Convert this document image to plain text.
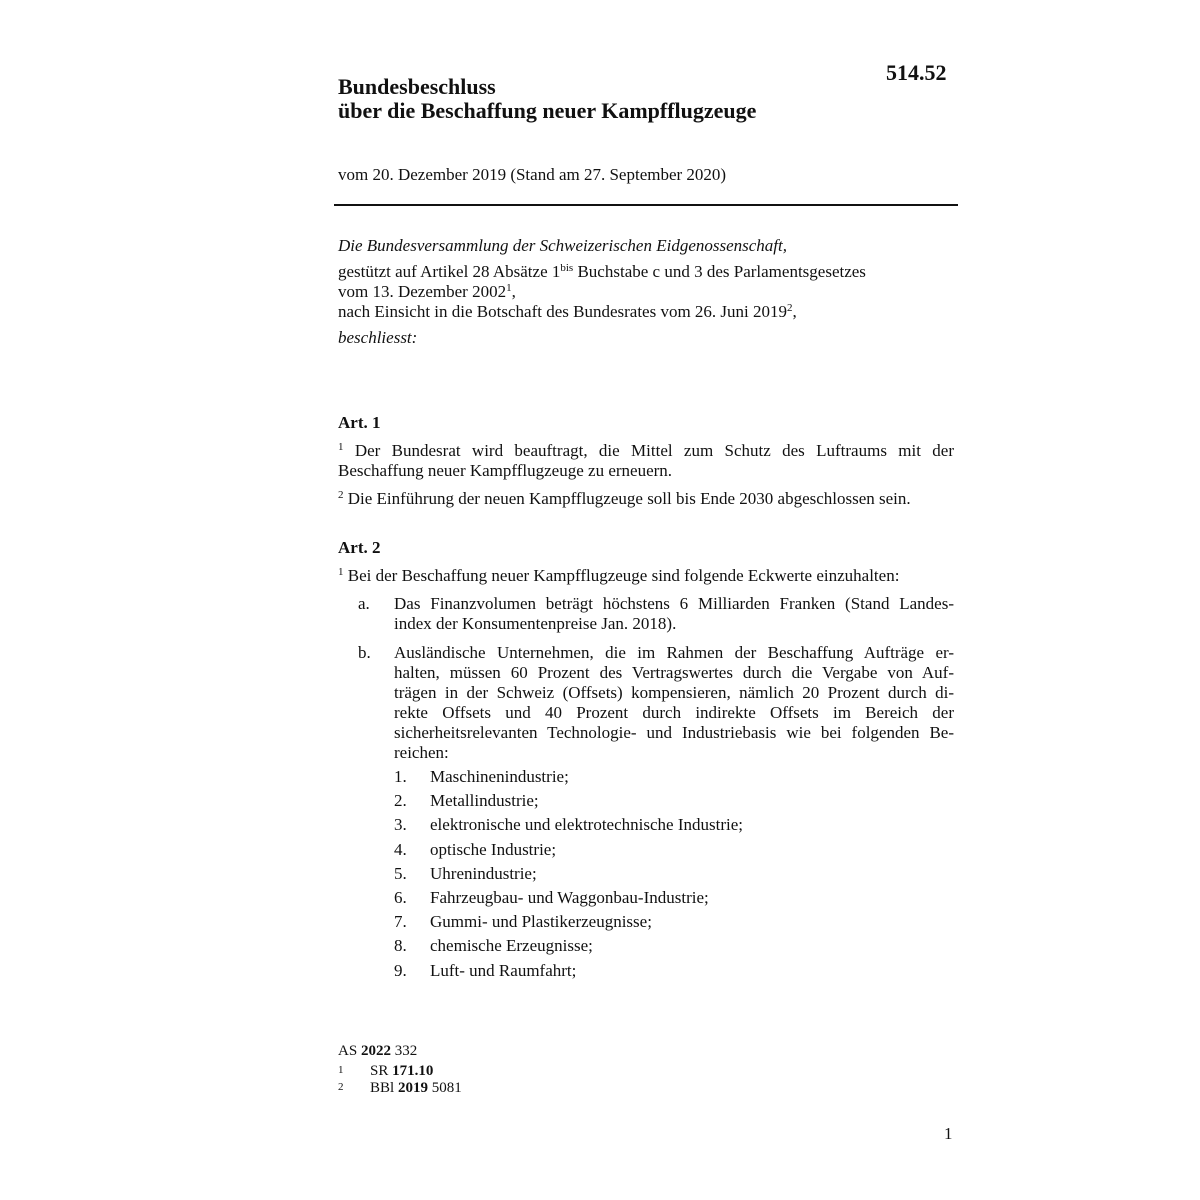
514.52
Bundesbeschluss
über die Beschaffung neuer Kampfflugzeuge
vom 20. Dezember 2019 (Stand am 27. September 2020)
Die Bundesversammlung der Schweizerischen Eidgenossenschaft,
gestützt auf Artikel 28 Absätze $1^{bis}$ Buchstabe c und 3 des Parlamentsgesetzes
vom 13. Dezember 2002$^1$,
nach Einsicht in die Botschaft des Bundesrates vom 26. Juni 2019$^2$,
beschliesst:
Art. 1
$^1$ Der Bundesrat wird beauftragt, die Mittel zum Schutz des Luftraums mit der
Beschaffung neuer Kampfflugzeuge zu erneuern.
$^2$ Die Einführung der neuen Kampfflugzeuge soll bis Ende 2030 abgeschlossen sein.
Art. 2
$^1$ Bei der Beschaffung neuer Kampfflugzeuge sind folgende Eckwerte einzuhalten:
a. Das Finanzvolumen beträgt höchstens 6 Milliarden Franken (Stand Landes-
index der Konsumentenpreise Jan. 2018).
b. Ausländische Unternehmen, die im Rahmen der Beschaffung Aufträge er-
halten, müssen 60 Prozent des Vertragswertes durch die Vergabe von Auf-
trägen in der Schweiz (Offsets) kompensieren, nämlich 20 Prozent durch di-
rekte Offsets und 40 Prozent durch indirekte Offsets im Bereich der
sicherheitsrelevanten Technologie- und Industriebasis wie bei folgenden Be-
reichen:
1. Maschinenindustrie;
2. Metallindustrie;
3. elektronische und elektrotechnische Industrie;
4. optische Industrie;
5. Uhrenindustrie;
6. Fahrzeugbau- und Waggonbau-Industrie;
7. Gummi- und Plastikerzeugnisse;
8. chemische Erzeugnisse;
9. Luft- und Raumfahrt;
AS 2022 332
1 SR 171.10
2 BBl 2019 5081
1
